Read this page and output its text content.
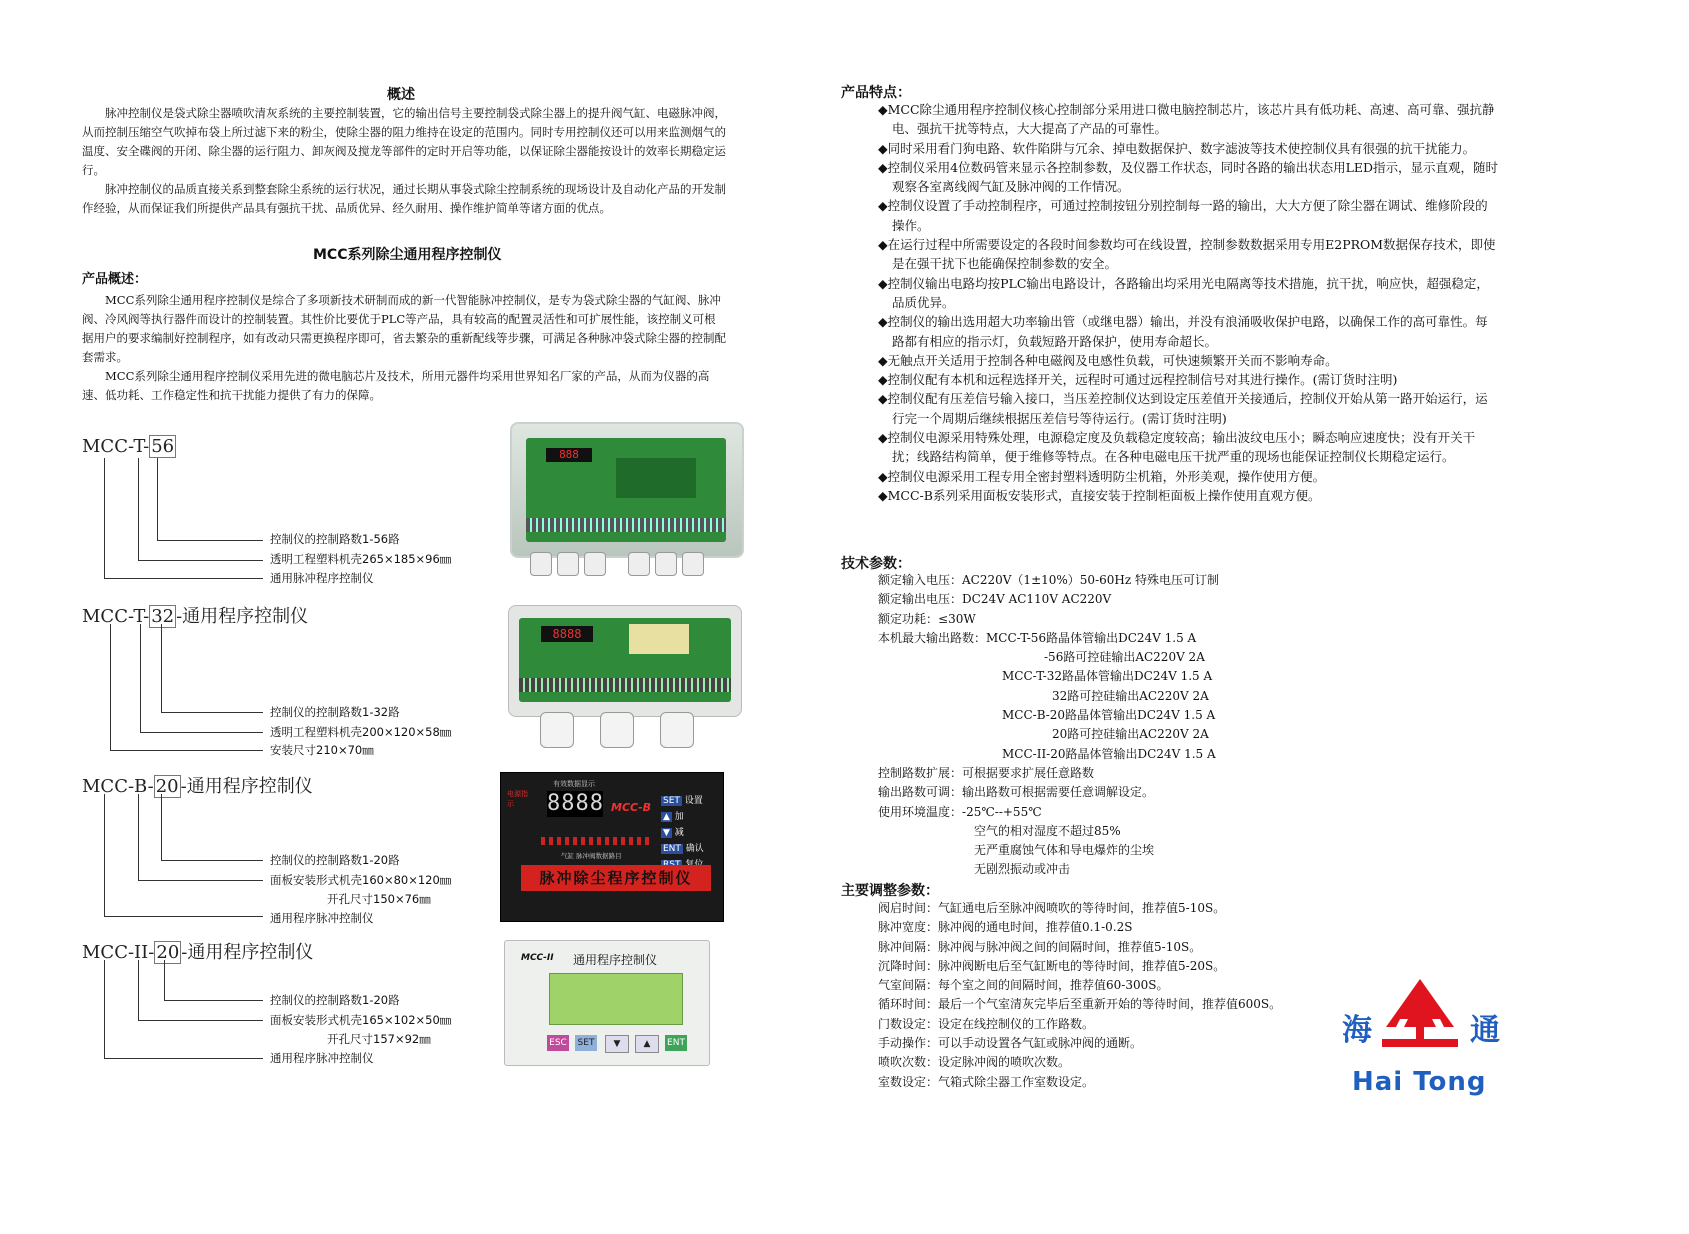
概述

脉冲控制仪是袋式除尘器喷吹清灰系统的主要控制装置，它的输出信号主要控制袋式除尘器上的提升阀气缸、电磁脉冲阀，从而控制压缩空气吹掉布袋上所过滤下来的粉尘，使除尘器的阻力维持在设定的范围内。同时专用控制仪还可以用来监测烟气的温度、安全碟阀的开闭、除尘器的运行阻力、卸灰阀及搅龙等部件的定时开启等功能，以保证除尘器能按设计的效率长期稳定运行。

脉冲控制仪的品质直接关系到整套除尘系统的运行状况，通过长期从事袋式除尘控制系统的现场设计及自动化产品的开发制作经验，从而保证我们所提供产品具有强抗干扰、品质优异、经久耐用、操作维护简单等诸方面的优点。

MCC系列除尘通用程序控制仪
产品概述：

MCC系列除尘通用程序控制仪是综合了多项新技术研制而成的新一代智能脉冲控制仪，是专为袋式除尘器的气缸阀、脉冲阀、冷风阀等执行器件而设计的控制装置。其性价比要优于PLC等产品，具有较高的配置灵活性和可扩展性能，该控制义可根据用户的要求编制好控制程序，如有改动只需更换程序即可，省去繁杂的重新配线等步骤，可满足各种脉冲袋式除尘器的控制配套需求。

MCC系列除尘通用程序控制仪采用先进的微电脑芯片及技术，所用元器件均采用世界知名厂家的产品，从而为仪器的高速、低功耗、工作稳定性和抗干扰能力提供了有力的保障。

MCC-T- 56
控制仪的控制路数1-56路
透明工程塑料机壳265×185×96㎜
通用脉冲程序控制仪
888
MCC-T- 32 -通用程序控制仪
控制仪的控制路数1-32路
透明工程塑料机壳200×120×58㎜
安装尺寸210×70㎜
8888
MCC-B- 20 -通用程序控制仪
控制仪的控制路数1-20路
面板安装形式机壳160×80×120㎜
开孔尺寸150×76㎜
通用程序脉冲控制仪
电源指示
有效数据显示
8888 MCC-B SET 设置
▲ 加
▼ 减
ENT 确认
气缸 脉冲阀数据路目
脉冲除尘程序控制仪
MCC-II- 20 -通用程序控制仪
控制仪的控制路数1-20路
面板安装形式机壳165×102×50㎜
开孔尺寸157×92㎜
通用程序脉冲控制仪
MCC-II 通用程序控制仪
ESC SET	▼	▲	ENT
产品特点：

◆MCC除尘通用程序控制仪核心控制部分采用进口微电脑控制芯片，该芯片具有低功耗、高速、高可靠、强抗静电、强抗干扰等特点，大大提高了产品的可靠性。

◆同时采用看门狗电路、软件陷阱与冗余、掉电数据保护、数字滤波等技术使控制仪具有很强的抗干扰能力。

◆控制仪采用4位数码管来显示各控制参数，及仪器工作状态，同时各路的输出状态用LED指示，显示直观，随时观察各室离线阀气缸及脉冲阀的工作情况。

◆控制仪设置了手动控制程序，可通过控制按钮分别控制每一路的输出，大大方便了除尘器在调试、维修阶段的操作。

◆在运行过程中所需要设定的各段时间参数均可在线设置，控制参数数据采用专用E2PROM数据保存技术，即使是在强干扰下也能确保控制参数的安全。

◆控制仪输出电路均按PLC输出电路设计，各路输出均采用光电隔离等技术措施，抗干扰，响应快，超强稳定，品质优异。

◆控制仪的输出选用超大功率输出管（或继电器）输出，并没有浪涌吸收保护电路，以确保工作的高可靠性。每路都有相应的指示灯，负载短路开路保护，使用寿命超长。

◆无触点开关适用于控制各种电磁阀及电感性负载，可快速频繁开关而不影响寿命。

◆控制仪配有本机和远程选择开关，远程时可通过远程控制信号对其进行操作。(需订货时注明)

◆控制仪配有压差信号输入接口，当压差控制仪达到设定压差值开关接通后，控制仪开始从第一路开始运行，运行完一个周期后继续根据压差信号等待运行。(需订货时注明)

◆控制仪电源采用特殊处理，电源稳定度及负载稳定度较高；输出波纹电压小；瞬态响应速度快；没有开关干扰；线路结构简单，便于维修等特点。在各种电磁电压干扰严重的现场也能保证控制仪长期稳定运行。

◆控制仪电源采用工程专用全密封塑料透明防尘机箱，外形美观，操作使用方便。

◆MCC-B系列采用面板安装形式，直接安装于控制柜面板上操作使用直观方便。

技术参数：
额定输入电压：AC220V（1±10%）50-60Hz 特殊电压可订制
额定输出电压：DC24V AC110V AC220V
额定功耗：≤30W
本机最大输出路数：MCC-T-56路晶体管输出DC24V 1.5 A
-56路可控硅输出AC220V 2A
MCC-T-32路晶体管输出DC24V 1.5 A
32路可控硅输出AC220V 2A
MCC-B-20路晶体管输出DC24V 1.5 A
20路可控硅输出AC220V 2A
MCC-II-20路晶体管输出DC24V 1.5 A
控制路数扩展：可根据要求扩展任意路数
输出路数可调：输出路数可根据需要任意调解设定。
使用环境温度：-25℃--+55℃
空气的相对湿度不超过85%
无严重腐蚀气体和导电爆炸的尘埃
无剧烈振动或冲击
主要调整参数：
阀启时间：气缸通电后至脉冲阀喷吹的等待时间，推荐值5-10S。
脉冲宽度：脉冲阀的通电时间，推荐值0.1-0.2S
脉冲间隔：脉冲阀与脉冲阀之间的间隔时间，推荐值5-10S。
沉降时间：脉冲阀断电后至气缸断电的等待时间，推荐值5-20S。
气室间隔：每个室之间的间隔时间，推荐值60-300S。
循环时间：最后一个气室清灰完毕后至重新开始的等待时间，推荐值600S。
门数设定：设定在线控制仪的工作路数。
手动操作：可以手动设置各气缸或脉冲阀的通断。
喷吹次数：设定脉冲阀的喷吹次数。
室数设定：气箱式除尘器工作室数设定。
海	通
Hai Tong
